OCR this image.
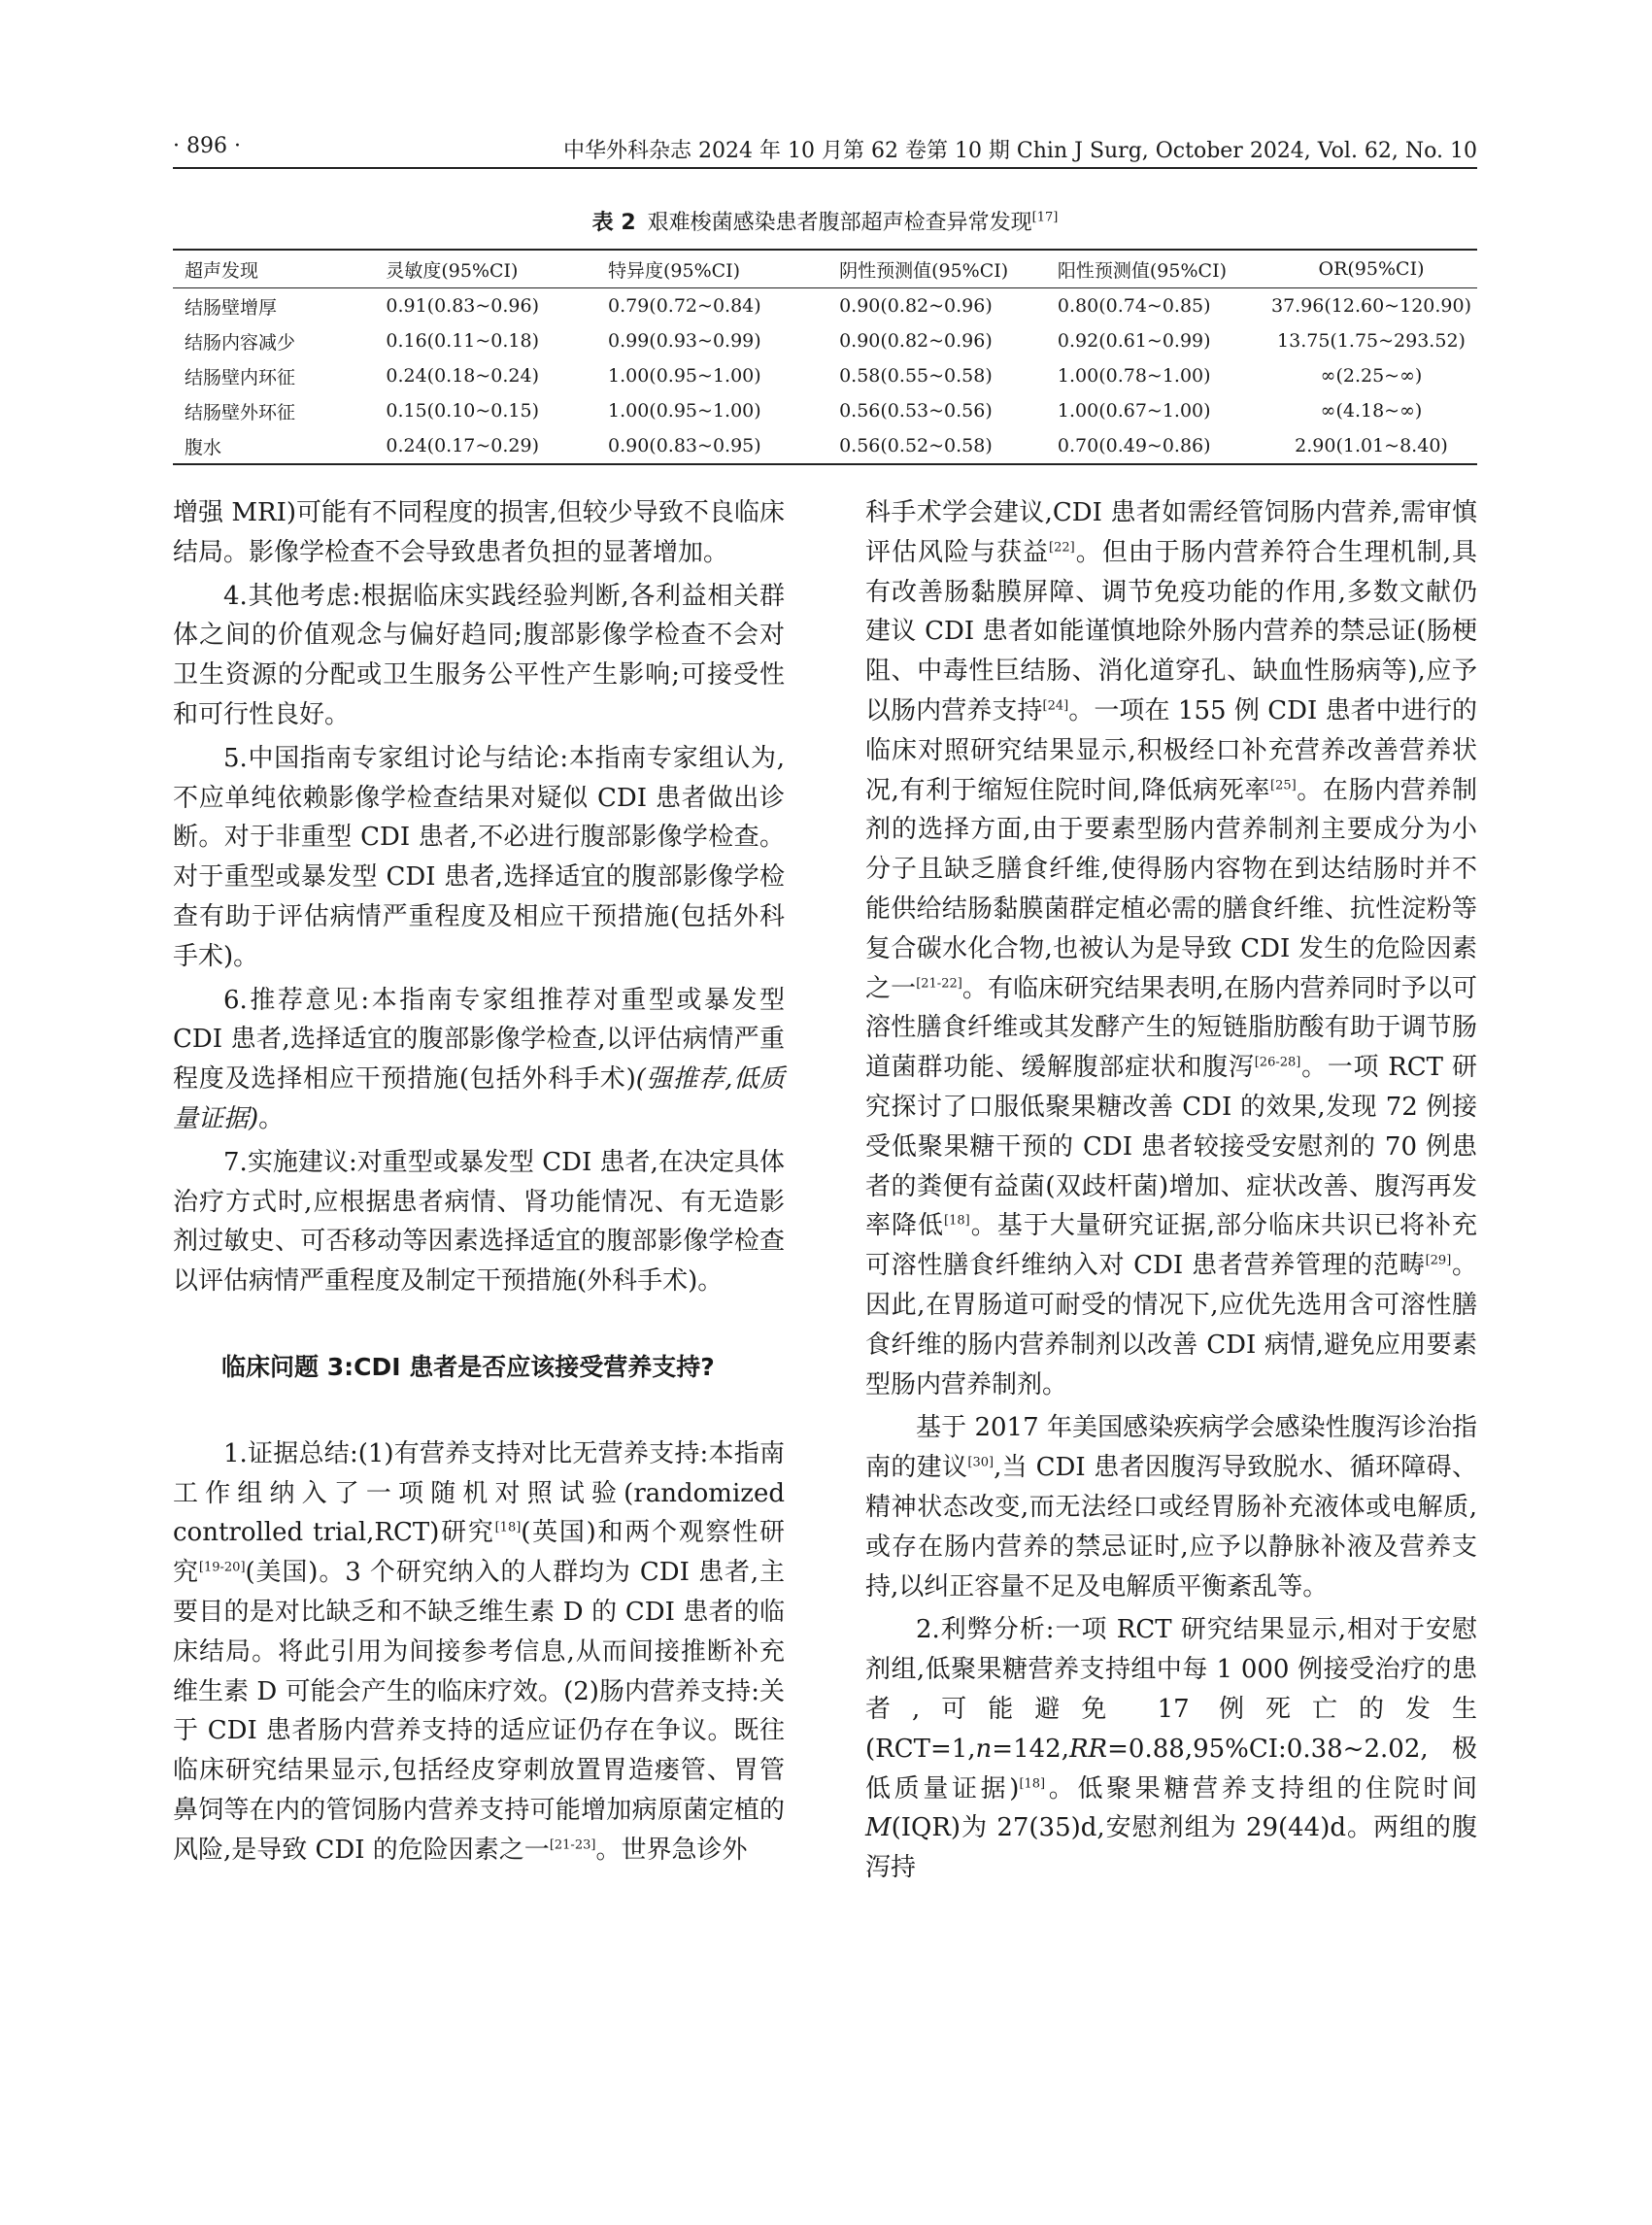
· 896 ·	中华外科杂志 2024 年 10 月第 62 卷第 10 期 Chin J Surg, October 2024, Vol. 62, No. 10
表 2 艰难梭菌感染患者腹部超声检查异常发现[17]
超声发现	灵敏度(95%CI)	特异度(95%CI)	阴性预测值(95%CI)	阳性预测值(95%CI)	OR(95%CI)
结肠壁增厚	0.91(0.83~0.96)	0.79(0.72~0.84)	0.90(0.82~0.96)	0.80(0.74~0.85)	37.96(12.60~120.90)
结肠内容减少	0.16(0.11~0.18)	0.99(0.93~0.99)	0.90(0.82~0.96)	0.92(0.61~0.99)	13.75(1.75~293.52)
结肠壁内环征	0.24(0.18~0.24)	1.00(0.95~1.00)	0.58(0.55~0.58)	1.00(0.78~1.00)	∞(2.25~∞)
结肠壁外环征	0.15(0.10~0.15)	1.00(0.95~1.00)	0.56(0.53~0.56)	1.00(0.67~1.00)	∞(4.18~∞)
腹水	0.24(0.17~0.29)	0.90(0.83~0.95)	0.56(0.52~0.58)	0.70(0.49~0.86)	2.90(1.01~8.40)

增强 MRI)可能有不同程度的损害,但较少导致不良临床结局。影像学检查不会导致患者负担的显著增加。

4.其他考虑:根据临床实践经验判断,各利益相关群体之间的价值观念与偏好趋同;腹部影像学检查不会对卫生资源的分配或卫生服务公平性产生影响;可接受性和可行性良好。

5.中国指南专家组讨论与结论:本指南专家组认为,不应单纯依赖影像学检查结果对疑似 CDI 患者做出诊断。对于非重型 CDI 患者,不必进行腹部影像学检查。对于重型或暴发型 CDI 患者,选择适宜的腹部影像学检查有助于评估病情严重程度及相应干预措施(包括外科手术)。

6.推荐意见:本指南专家组推荐对重型或暴发型 CDI 患者,选择适宜的腹部影像学检查,以评估病情严重程度及选择相应干预措施(包括外科手术)(强推荐,低质量证据)。

7.实施建议:对重型或暴发型 CDI 患者,在决定具体治疗方式时,应根据患者病情、肾功能情况、有无造影剂过敏史、可否移动等因素选择适宜的腹部影像学检查以评估病情严重程度及制定干预措施(外科手术)。

临床问题 3:CDI 患者是否应该接受营养支持?

1.证据总结:(1)有营养支持对比无营养支持:本指南工作组纳入了一项随机对照试验(randomized controlled trial,RCT)研究[18](英国)和两个观察性研究[19-20](美国)。3 个研究纳入的人群均为 CDI 患者,主要目的是对比缺乏和不缺乏维生素 D 的 CDI 患者的临床结局。将此引用为间接参考信息,从而间接推断补充维生素 D 可能会产生的临床疗效。(2)肠内营养支持:关于 CDI 患者肠内营养支持的适应证仍存在争议。既往临床研究结果显示,包括经皮穿刺放置胃造瘘管、胃管鼻饲等在内的管饲肠内营养支持可能增加病原菌定植的风险,是导致 CDI 的危险因素之一[21-23]。世界急诊外

科手术学会建议,CDI 患者如需经管饲肠内营养,需审慎评估风险与获益[22]。但由于肠内营养符合生理机制,具有改善肠黏膜屏障、调节免疫功能的作用,多数文献仍建议 CDI 患者如能谨慎地除外肠内营养的禁忌证(肠梗阻、中毒性巨结肠、消化道穿孔、缺血性肠病等),应予以肠内营养支持[24]。一项在 155 例 CDI 患者中进行的临床对照研究结果显示,积极经口补充营养改善营养状况,有利于缩短住院时间,降低病死率[25]。在肠内营养制剂的选择方面,由于要素型肠内营养制剂主要成分为小分子且缺乏膳食纤维,使得肠内容物在到达结肠时并不能供给结肠黏膜菌群定植必需的膳食纤维、抗性淀粉等复合碳水化合物,也被认为是导致 CDI 发生的危险因素之一[21-22]。有临床研究结果表明,在肠内营养同时予以可溶性膳食纤维或其发酵产生的短链脂肪酸有助于调节肠道菌群功能、缓解腹部症状和腹泻[26-28]。一项 RCT 研究探讨了口服低聚果糖改善 CDI 的效果,发现 72 例接受低聚果糖干预的 CDI 患者较接受安慰剂的 70 例患者的粪便有益菌(双歧杆菌)增加、症状改善、腹泻再发率降低[18]。基于大量研究证据,部分临床共识已将补充可溶性膳食纤维纳入对 CDI 患者营养管理的范畴[29]。因此,在胃肠道可耐受的情况下,应优先选用含可溶性膳食纤维的肠内营养制剂以改善 CDI 病情,避免应用要素型肠内营养制剂。

基于 2017 年美国感染疾病学会感染性腹泻诊治指南的建议[30],当 CDI 患者因腹泻导致脱水、循环障碍、精神状态改变,而无法经口或经胃肠补充液体或电解质,或存在肠内营养的禁忌证时,应予以静脉补液及营养支持,以纠正容量不足及电解质平衡紊乱等。

2.利弊分析:一项 RCT 研究结果显示,相对于安慰剂组,低聚果糖营养支持组中每 1 000 例接受治疗的患者,可能避免 17 例死亡的发生(RCT=1,n=142,RR=0.88,95%CI:0.38~2.02,极低质量证据)[18]。低聚果糖营养支持组的住院时间M(IQR)为 27(35)d,安慰剂组为 29(44)d。两组的腹泻持
